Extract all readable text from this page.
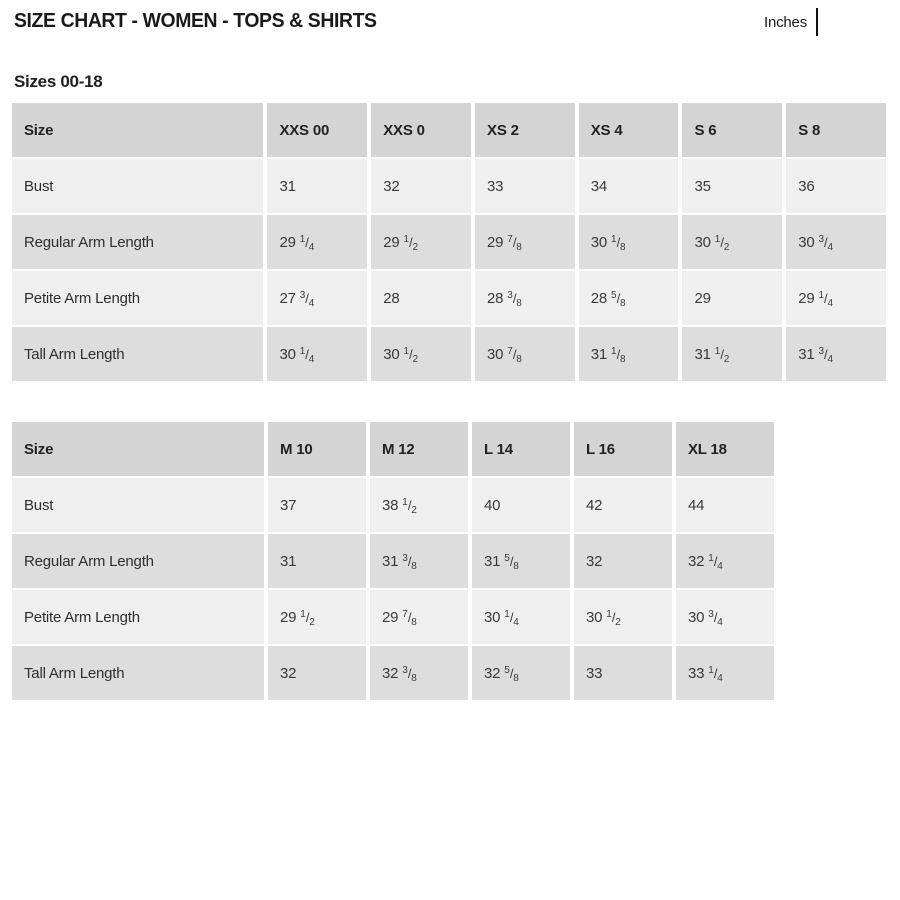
SIZE CHART - WOMEN - TOPS & SHIRTS	Inches
Sizes 00-18
Size	XXS 00	XXS 0	XS 2	XS 4	S 6	S 8
Bust	31	32	33	34	35	36
Regular Arm Length	29 $^1/_4$	29 $^1/_2$	29 $^7/_8$	30 $^1/_8$	30 $^1/_2$	30 $^3/_4$
Petite Arm Length	27 $^3/_4$	28	28 $^3/_8$	28 $^5/_8$	29	29 $^1/_4$
Tall Arm Length	30 $^1/_4$	30 $^1/_2$	30 $^7/_8$	31 $^1/_8$	31 $^1/_2$	31 $^3/_4$
Size	M 10	M 12	L 14	L 16	XL 18
Bust	37	38 $^1/_2$	40	42	44
Regular Arm Length	31	31 $^3/_8$	31 $^5/_8$	32	32 $^1/_4$
Petite Arm Length	29 $^1/_2$	29 $^7/_8$	30 $^1/_4$	30 $^1/_2$	30 $^3/_4$
Tall Arm Length	32	32 $^3/_8$	32 $^5/_8$	33	33 $^1/_4$
